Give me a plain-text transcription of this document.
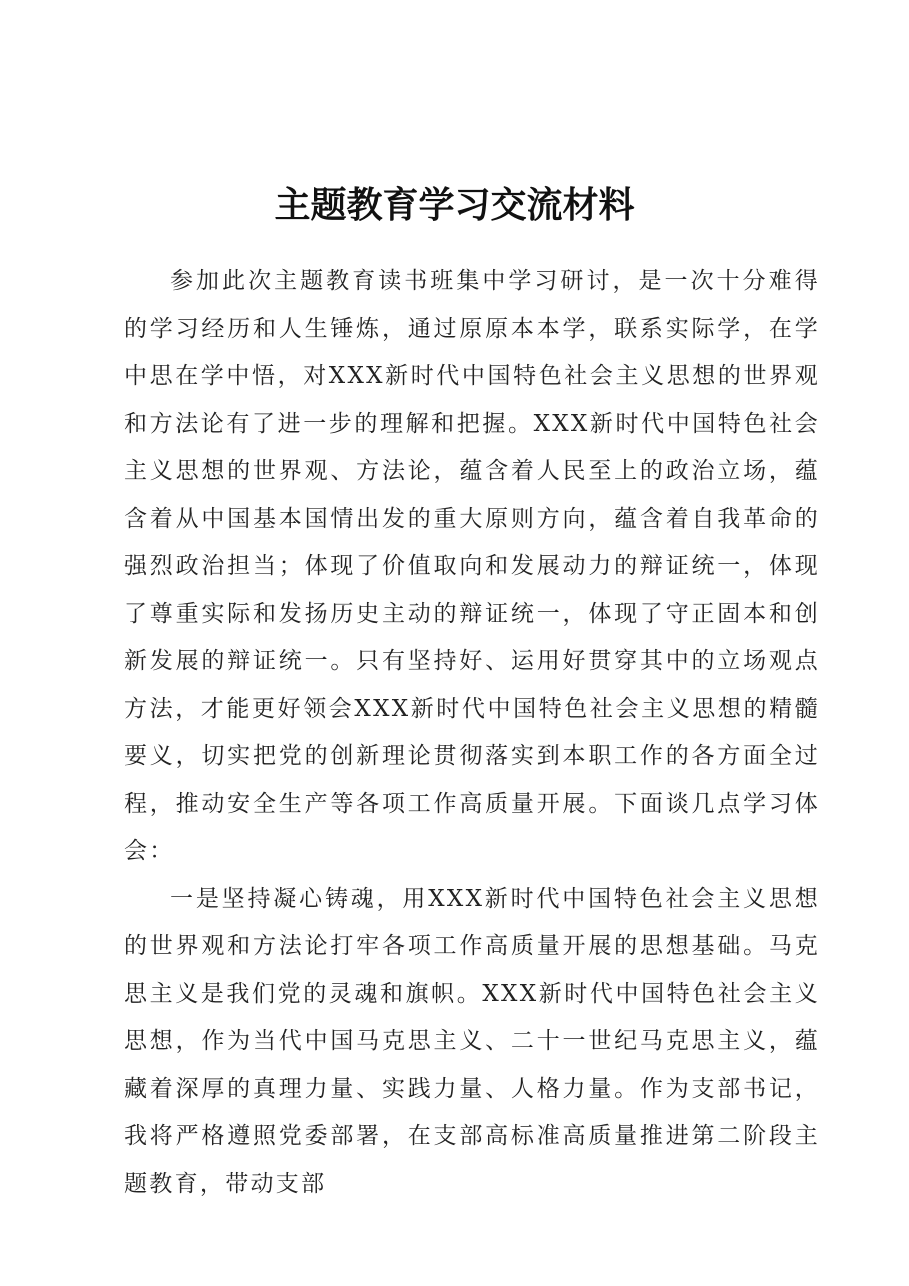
主题教育学习交流材料

参加此次主题教育读书班集中学习研讨，是一次十分难得的学习经历和人生锤炼，通过原原本本学，联系实际学，在学中思在学中悟，对XXX新时代中国特色社会主义思想的世界观和方法论有了进一步的理解和把握。XXX新时代中国特色社会主义思想的世界观、方法论，蕴含着人民至上的政治立场，蕴含着从中国基本国情出发的重大原则方向，蕴含着自我革命的强烈政治担当；体现了价值取向和发展动力的辩证统一，体现了尊重实际和发扬历史主动的辩证统一，体现了守正固本和创新发展的辩证统一。只有坚持好、运用好贯穿其中的立场观点方法，才能更好领会XXX新时代中国特色社会主义思想的精髓要义，切实把党的创新理论贯彻落实到本职工作的各方面全过程，推动安全生产等各项工作高质量开展。下面谈几点学习体会：

一是坚持凝心铸魂，用XXX新时代中国特色社会主义思想的世界观和方法论打牢各项工作高质量开展的思想基础。马克思主义是我们党的灵魂和旗帜。XXX新时代中国特色社会主义思想，作为当代中国马克思主义、二十一世纪马克思主义，蕴藏着深厚的真理力量、实践力量、人格力量。作为支部书记，我将严格遵照党委部署，在支部高标准高质量推进第二阶段主题教育，带动支部
